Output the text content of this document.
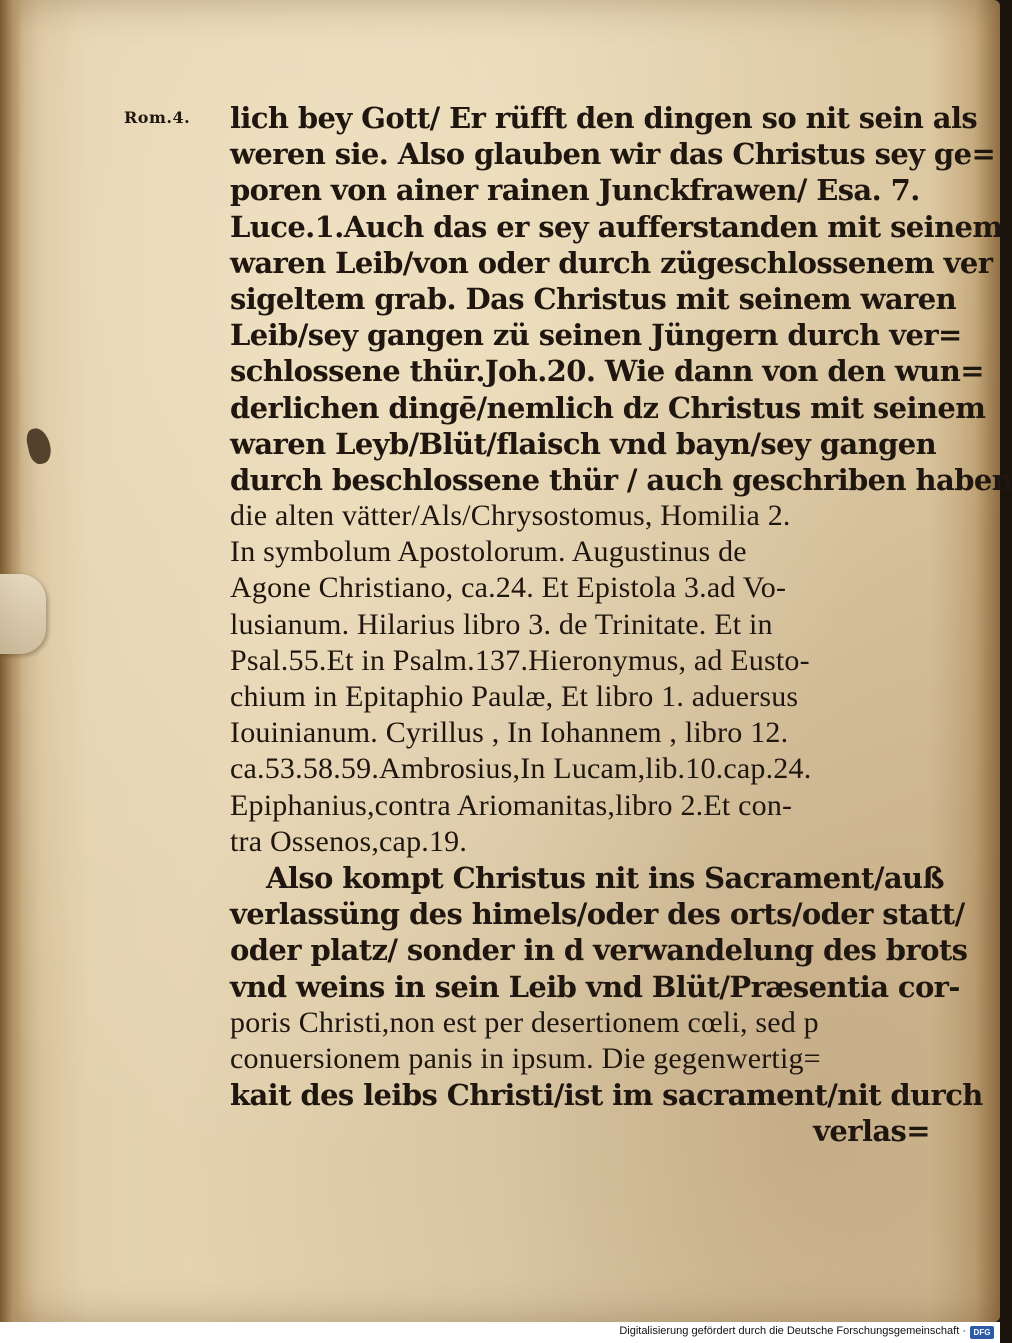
Rom.4. lich bey Gott/ Er rüfft den dingen so nit sein als
weren sie. Also glauben wir das Christus sey ge=
poren von ainer rainen Junckfrawen/ Esa. 7.
Luce.1.Auch das er sey aufferstanden mit seinem
waren Leib/von oder durch zügeschlossenem ver
sigeltem grab. Das Christus mit seinem waren
Leib/sey gangen zü seinen Jüngern durch ver=
schlossene thür.Joh.20. Wie dann von den wun=
derlichen dingē/nemlich dz Christus mit seinem
waren Leyb/Blüt/flaisch vnd bayn/sey gangen
durch beschlossene thür / auch geschriben haben
die alten vätter/Als/Chrysostomus, Homilia 2.
In symbolum Apostolorum. Augustinus de
Agone Christiano, ca.24. Et Epistola 3.ad Vo-
lusianum. Hilarius libro 3. de Trinitate. Et in
Psal.55.Et in Psalm.137.Hieronymus, ad Eusto-
chium in Epitaphio Paulæ, Et libro 1. aduersus
Iouinianum. Cyrillus , In Iohannem , libro 12.
ca.53.58.59.Ambrosius,In Lucam,lib.10.cap.24.
Epiphanius,contra Ariomanitas,libro 2.Et con-
tra Ossenos,cap.19.
Also kompt Christus nit ins Sacrament/auß
verlassüng des himels/oder des orts/oder statt/
oder platz/ sonder in d verwandelung des brots
vnd weins in sein Leib vnd Blüt/Præsentia cor-
poris Christi,non est per desertionem cœli, sed p
conuersionem panis in ipsum. Die gegenwertig=
kait des leibs Christi/ist im sacrament/nit durch
verlas=
Digitalisierung gefördert durch die Deutsche Forschungsgemeinschaft · DFG
